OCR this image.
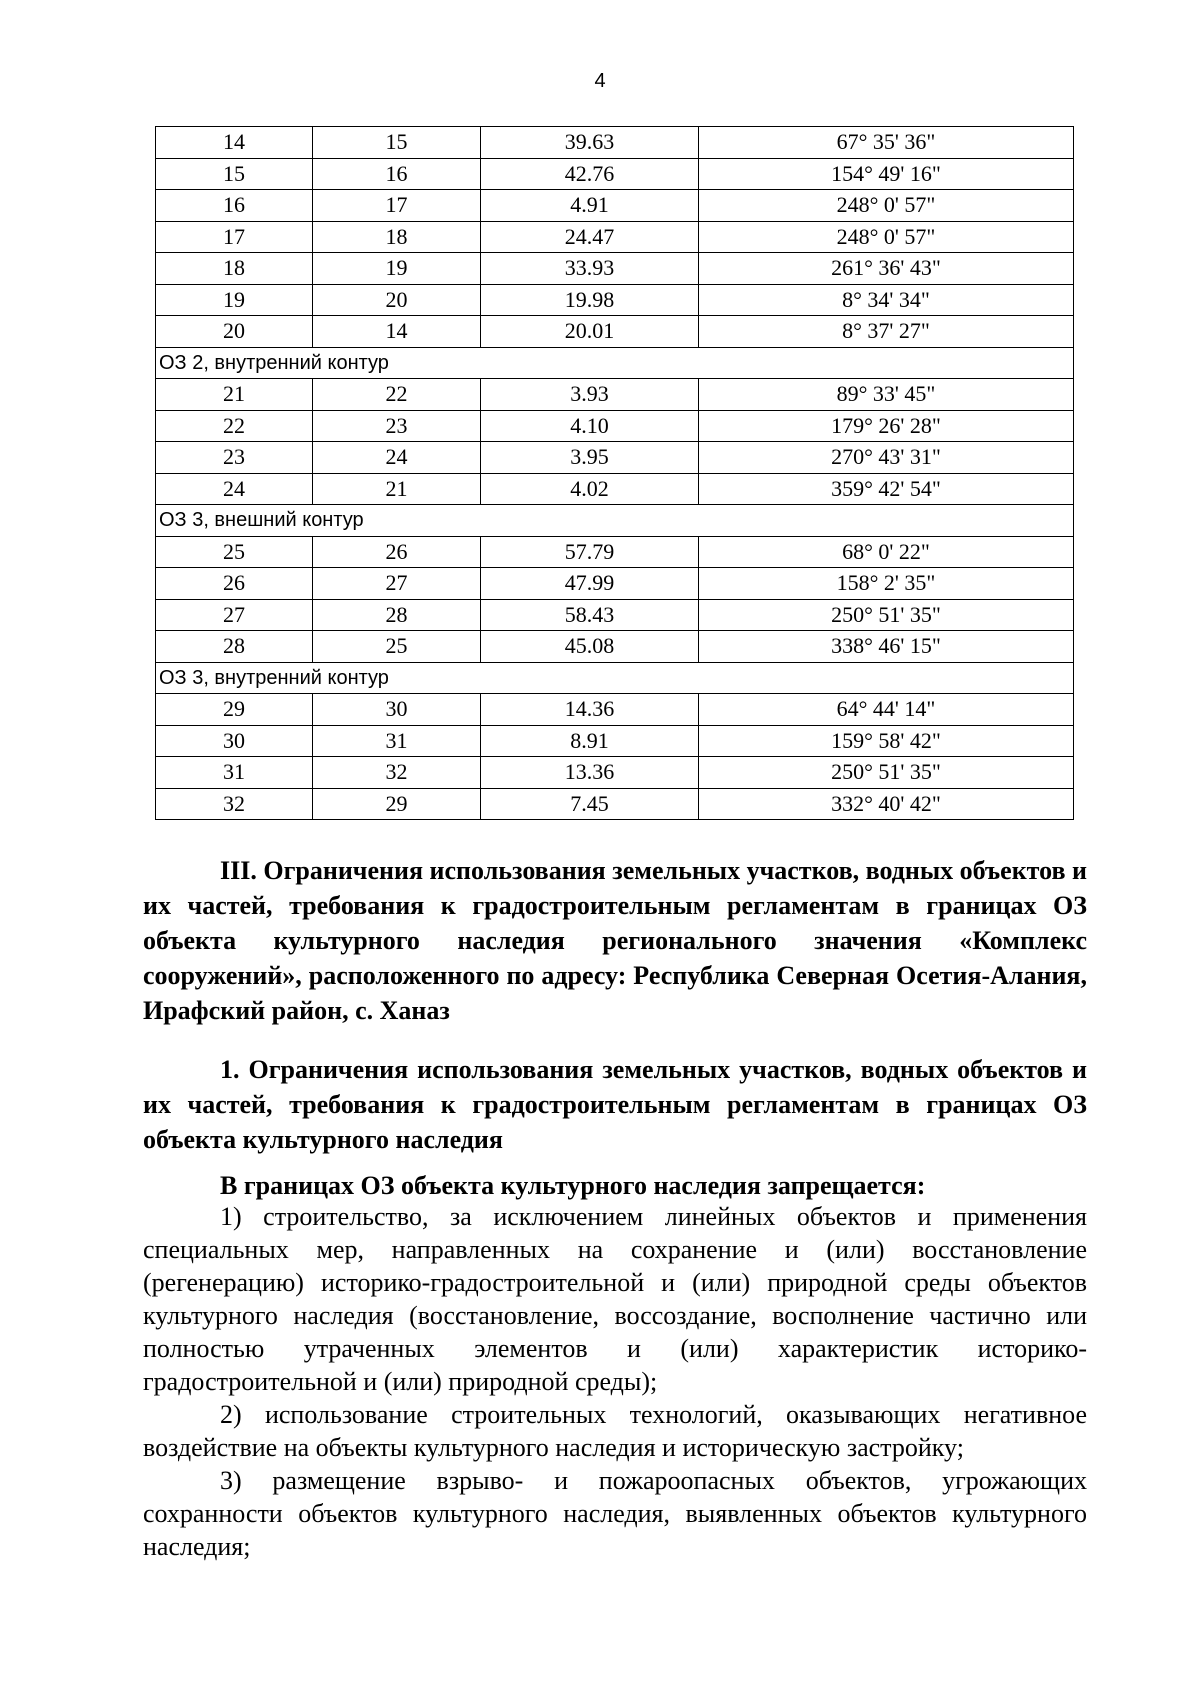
4
14	15	39.63	67° 35' 36"
15	16	42.76	154° 49' 16"
16	17	4.91	248° 0' 57"
17	18	24.47	248° 0' 57"
18	19	33.93	261° 36' 43"
19	20	19.98	8° 34' 34"
20	14	20.01	8° 37' 27"
ОЗ 2, внутренний контур			
21	22	3.93	89° 33' 45"
22	23	4.10	179° 26' 28"
23	24	3.95	270° 43' 31"
24	21	4.02	359° 42' 54"
ОЗ 3, внешний контур			
25	26	57.79	68° 0' 22"
26	27	47.99	158° 2' 35"
27	28	58.43	250° 51' 35"
28	25	45.08	338° 46' 15"
ОЗ 3, внутренний контур			
29	30	14.36	64° 44' 14"
30	31	8.91	159° 58' 42"
31	32	13.36	250° 51' 35"
32	29	7.45	332° 40' 42"

III. Ограничения использования земельных участков, водных объектов и их частей, требования к градостроительным регламентам в границах ОЗ объекта культурного наследия регионального значения «Комплекс сооружений», расположенного по адресу: Республика Северная Осетия-Алания, Ирафский район, с. Ханаз

1. Ограничения использования земельных участков, водных объектов и их частей, требования к градостроительным регламентам в границах ОЗ объекта культурного наследия

В границах ОЗ объекта культурного наследия запрещается:

1) строительство, за исключением линейных объектов и применения специальных мер, направленных на сохранение и (или) восстановление (регенерацию) историко-градостроительной и (или) природной среды объектов культурного наследия (восстановление, воссоздание, восполнение частично или полностью утраченных элементов и (или) характеристик историко-градостроительной и (или) природной среды);

2) использование строительных технологий, оказывающих негативное воздействие на объекты культурного наследия и историческую застройку;

3) размещение взрыво- и пожароопасных объектов, угрожающих сохранности объектов культурного наследия, выявленных объектов культурного наследия;
